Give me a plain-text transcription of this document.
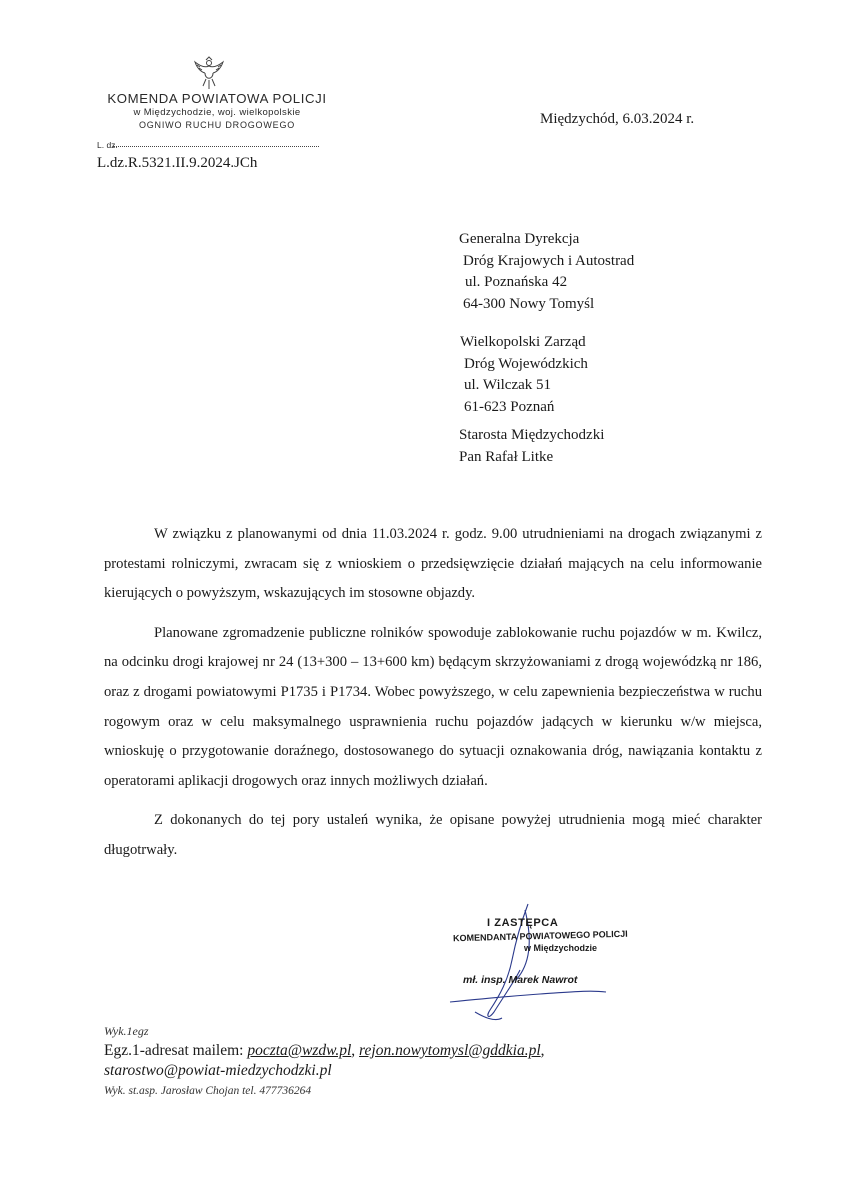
KOMENDA POWIATOWA POLICJI
w Międzychodzie, woj. wielkopolskie
OGNIWO RUCHU DROGOWEGO
L. dz.
L.dz.R.5321.II.9.2024.JCh
Międzychód, 6.03.2024 r.
Generalna Dyrekcja
Dróg Krajowych i Autostrad
ul. Poznańska 42
64-300 Nowy Tomyśl
Wielkopolski Zarząd
Dróg Wojewódzkich
ul. Wilczak 51
61-623 Poznań
Starosta Międzychodzki
Pan Rafał Litke

W związku z planowanymi od dnia 11.03.2024 r. godz. 9.00 utrudnieniami na drogach związanymi z protestami rolniczymi, zwracam się z wnioskiem o przedsięwzięcie działań mających na celu informowanie kierujących o powyższym, wskazujących im stosowne objazdy.

Planowane zgromadzenie publiczne rolników spowoduje zablokowanie ruchu pojazdów w m. Kwilcz, na odcinku drogi krajowej nr 24 (13+300 – 13+600 km) będącym skrzyżowaniami z drogą wojewódzką nr 186, oraz z drogami powiatowymi P1735 i P1734. Wobec powyższego, w celu zapewnienia bezpieczeństwa w ruchu rogowym oraz w celu maksymalnego usprawnienia ruchu pojazdów jadących w kierunku w/w miejsca, wnioskuję o przygotowanie doraźnego, dostosowanego do sytuacji oznakowania dróg, nawiązania kontaktu z operatorami aplikacji drogowych oraz innych możliwych działań.

Z dokonanych do tej pory ustaleń wynika, że opisane powyżej utrudnienia mogą mieć charakter długotrwały.

I ZASTĘPCA
KOMENDANTA POWIATOWEGO POLICJI
w Międzychodzie
mł. insp. Marek Nawrot
Wyk.1egz
Egz.1-adresat mailem: poczta@wzdw.pl, rejon.nowytomysl@gddkia.pl,
starostwo@powiat-miedzychodzki.pl
Wyk. st.asp. Jarosław Chojan tel. 477736264
